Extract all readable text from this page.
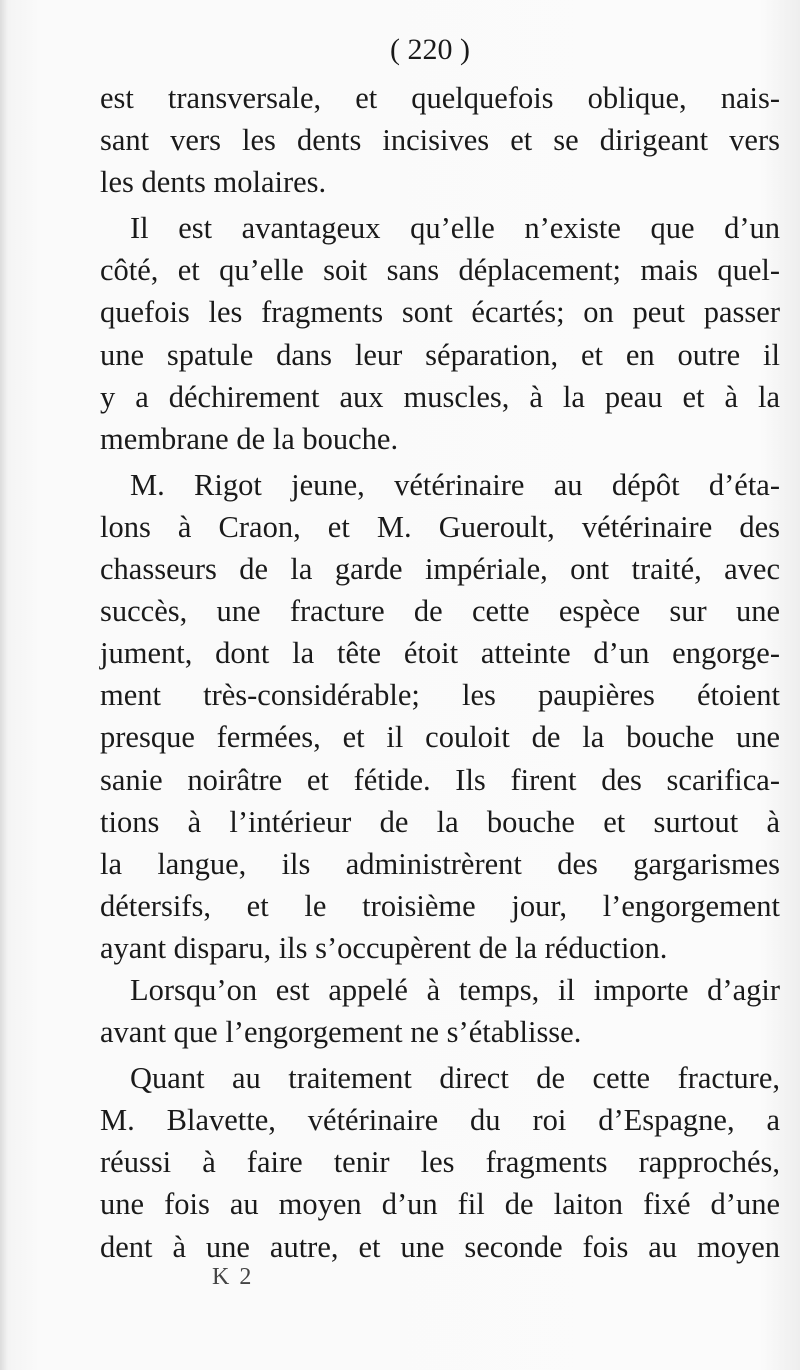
( 220 )
est transversale, et quelquefois oblique, nais-
sant vers les dents incisives et se dirigeant vers
les dents molaires.
Il est avantageux qu’elle n’existe que d’un
côté, et qu’elle soit sans déplacement; mais quel-
quefois les fragments sont écartés; on peut passer
une spatule dans leur séparation, et en outre il
y a déchirement aux muscles, à la peau et à la
membrane de la bouche.
M. Rigot jeune, vétérinaire au dépôt d’éta-
lons à Craon, et M. Gueroult, vétérinaire des
chasseurs de la garde impériale, ont traité, avec
succès, une fracture de cette espèce sur une
jument, dont la tête étoit atteinte d’un engorge-
ment très-considérable; les paupières étoient
presque fermées, et il couloit de la bouche une
sanie noirâtre et fétide. Ils firent des scarifica-
tions à l’intérieur de la bouche et surtout à
la langue, ils administrèrent des gargarismes
détersifs, et le troisième jour, l’engorgement
ayant disparu, ils s’occupèrent de la réduction.
Lorsqu’on est appelé à temps, il importe d’agir
avant que l’engorgement ne s’établisse.
Quant au traitement direct de cette fracture,
M. Blavette, vétérinaire du roi d’Espagne, a
réussi à faire tenir les fragments rapprochés,
une fois au moyen d’un fil de laiton fixé d’une
dent à une autre, et une seconde fois au moyen
K 2
